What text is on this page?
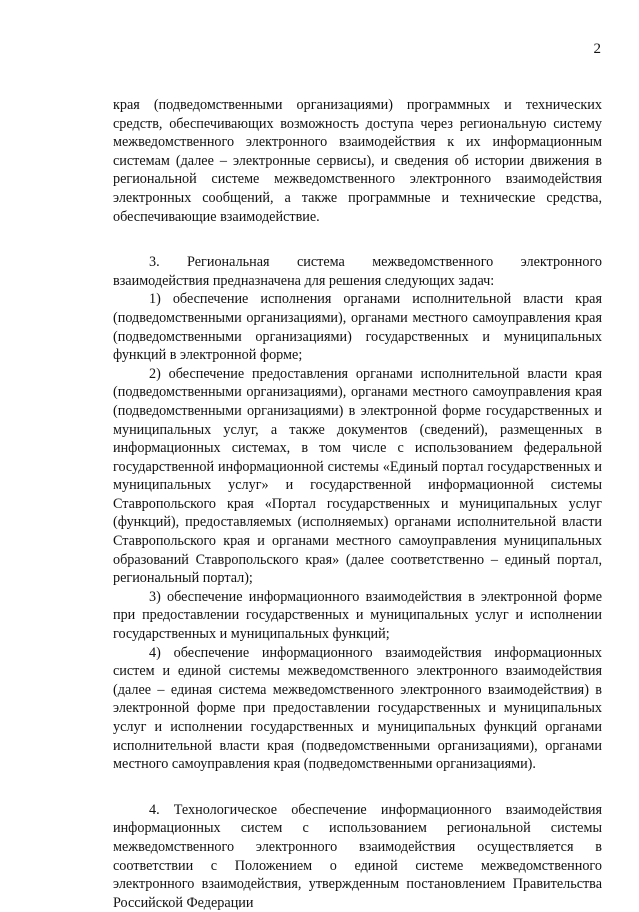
2

края (подведомственными организациями) программных и технических средств, обеспечивающих возможность доступа через региональную систему межведомственного электронного взаимодействия к их информационным системам (далее – электронные сервисы), и сведения об истории движения в региональной системе межведомственного электронного взаимодействия электронных сообщений, а также программные и технические средства, обеспечивающие взаимодействие.

3. Региональная система межведомственного электронного взаимодействия предназначена для решения следующих задач:

1) обеспечение исполнения органами исполнительной власти края (подведомственными организациями), органами местного самоуправления края (подведомственными организациями) государственных и муниципальных функций в электронной форме;

2) обеспечение предоставления органами исполнительной власти края (подведомственными организациями), органами местного самоуправления края (подведомственными организациями) в электронной форме государственных и муниципальных услуг, а также документов (сведений), размещенных в информационных системах, в том числе с использованием федеральной государственной информационной системы «Единый портал государственных и муниципальных услуг» и государственной информационной системы Ставропольского края «Портал государственных и муниципальных услуг (функций), предоставляемых (исполняемых) органами исполнительной власти Ставропольского края и органами местного самоуправления муниципальных образований Ставропольского края» (далее соответственно – единый портал, региональный портал);

3) обеспечение информационного взаимодействия в электронной форме при предоставлении государственных и муниципальных услуг и исполнении государственных и муниципальных функций;

4) обеспечение информационного взаимодействия информационных систем и единой системы межведомственного электронного взаимодействия (далее – единая система межведомственного электронного взаимодействия) в электронной форме при предоставлении государственных и муниципальных услуг и исполнении государственных и муниципальных функций органами исполнительной власти края (подведомственными организациями), органами местного самоуправления края (подведомственными организациями).

4. Технологическое обеспечение информационного взаимодействия информационных систем с использованием региональной системы межведомственного электронного взаимодействия осуществляется в соответствии с Положением о единой системе межведомственного электронного взаимодействия, утвержденным постановлением Правительства Российской Федерации
